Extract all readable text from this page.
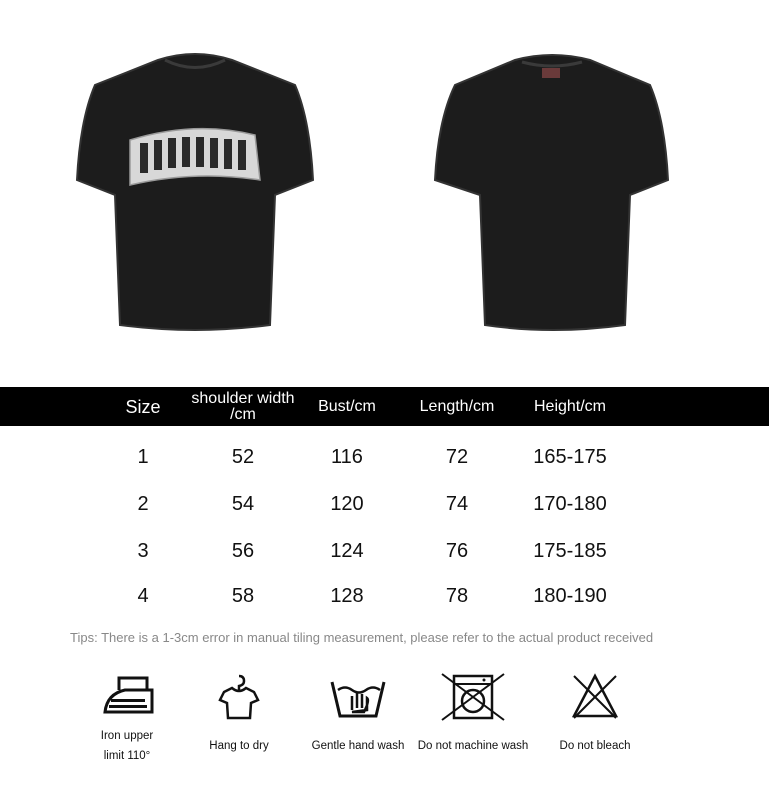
Size	shoulder width /cm	Bust/cm	Length/cm	Height/cm
1	52	116	72	165-175
2	54	120	74	170-180
3	56	124	76	175-185
4	58	128	78	180-190
Tips: There is a 1-3cm error in manual tiling measurement, please refer to the actual product received
Iron upper
limit 110°
Hang to dry	Gentle hand wash	Do not machine wash	Do not bleach
